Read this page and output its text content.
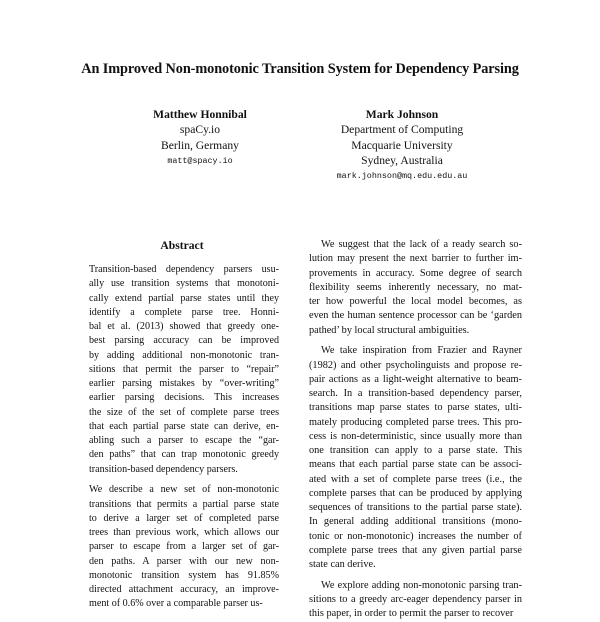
An Improved Non-monotonic Transition System for Dependency Parsing
Matthew Honnibal
spaCy.io
Berlin, Germany
matt@spacy.io
Mark Johnson
Department of Computing
Macquarie University
Sydney, Australia
mark.johnson@mq.edu.edu.au
Abstract

Transition-based dependency parsers usu-
ally use transition systems that monotoni-
cally extend partial parse states until they
identify a complete parse tree. Honni-
bal et al. (2013) showed that greedy one-
best parsing accuracy can be improved
by adding additional non-monotonic tran-
sitions that permit the parser to “repair”
earlier parsing mistakes by “over-writing”
earlier parsing decisions. This increases
the size of the set of complete parse trees
that each partial parse state can derive, en-
abling such a parser to escape the “gar-
den paths” that can trap monotonic greedy
transition-based dependency parsers.

We describe a new set of non-monotonic
transitions that permits a partial parse state
to derive a larger set of completed parse
trees than previous work, which allows our
parser to escape from a larger set of gar-
den paths. A parser with our new non-
monotonic transition system has 91.85%
directed attachment accuracy, an improve-
ment of 0.6% over a comparable parser us-

We suggest that the lack of a ready search so-
lution may present the next barrier to further im-
provements in accuracy. Some degree of search
flexibility seems inherently necessary, no mat-
ter how powerful the local model becomes, as
even the human sentence processor can be ‘garden
pathed’ by local structural ambiguities.

We take inspiration from Frazier and Rayner
(1982) and other psycholinguists and propose re-
pair actions as a light-weight alternative to beam-
search. In a transition-based dependency parser,
transitions map parse states to parse states, ulti-
mately producing completed parse trees. This pro-
cess is non-deterministic, since usually more than
one transition can apply to a parse state. This
means that each partial parse state can be associ-
ated with a set of complete parse trees (i.e., the
complete parses that can be produced by applying
sequences of transitions to the partial parse state).
In general adding additional transitions (mono-
tonic or non-monotonic) increases the number of
complete parse trees that any given partial parse
state can derive.

We explore adding non-monotonic parsing tran-
sitions to a greedy arc-eager dependency parser in
this paper, in order to permit the parser to recover
